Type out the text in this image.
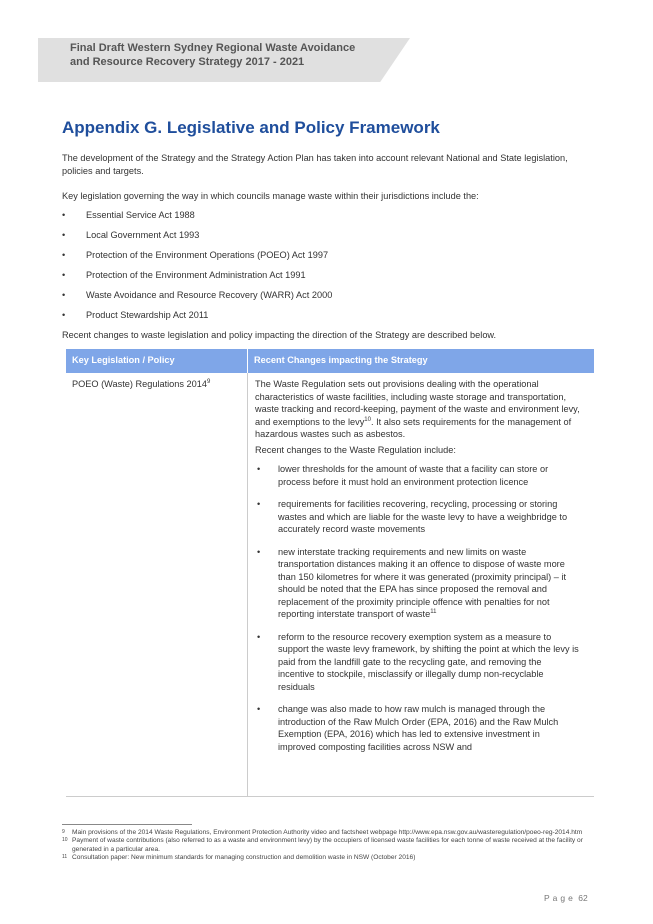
Final Draft Western Sydney Regional Waste Avoidance
and Resource Recovery Strategy 2017 - 2021
Appendix G. Legislative and Policy Framework

The development of the Strategy and the Strategy Action Plan has taken into account relevant National and State legislation, policies and targets.

Key legislation governing the way in which councils manage waste within their jurisdictions include the:

• Essential Service Act 1988
• Local Government Act 1993
• Protection of the Environment Operations (POEO) Act 1997
• Protection of the Environment Administration Act 1991
• Waste Avoidance and Resource Recovery (WARR) Act 2000
• Product Stewardship Act 2011

Recent changes to waste legislation and policy impacting the direction of the Strategy are described below.

Key Legislation / Policy	Recent Changes impacting the Strategy
POEO (Waste) Regulations 2014$^9$	The Waste Regulation sets out provisions dealing with the operational characteristics of waste facilities, including waste storage and transportation, waste tracking and record-keeping, payment of the waste and environment levy, and exemptions to the levy$^{10}$. It also sets requirements for the management of hazardous wastes such as asbestos.

Recent changes to the Waste Regulation include:

• lower thresholds for the amount of waste that a facility can store or process before it must hold an environment protection licence
• requirements for facilities recovering, recycling, processing or storing wastes and which are liable for the waste levy to have a weighbridge to accurately record waste movements
• new interstate tracking requirements and new limits on waste transportation distances making it an offence to dispose of waste more than 150 kilometres for where it was generated (proximity principal) – it should be noted that the EPA has since proposed the removal and replacement of the proximity principle offence with penalties for not reporting interstate transport of waste$^{11}$
• reform to the resource recovery exemption system as a measure to support the waste levy framework, by shifting the point at which the levy is paid from the landfill gate to the recycling gate, and removing the incentive to stockpile, misclassify or illegally dump non-recyclable residuals
• change was also made to how raw mulch is managed through the introduction of the Raw Mulch Order (EPA, 2016) and the Raw Mulch Exemption (EPA, 2016) which has led to extensive investment in improved composting facilities across NSW and
9 Main provisions of the 2014 Waste Regulations, Environment Protection Authority video and factsheet webpage http://www.epa.nsw.gov.au/wasteregulation/poeo-reg-2014.htm
10 Payment of waste contributions (also referred to as a waste and environment levy) by the occupiers of licensed waste facilities for each tonne of waste received at the facility or generated in a particular area.
11 Consultation paper: New minimum standards for managing construction and demolition waste in NSW (October 2016)
Page 62
